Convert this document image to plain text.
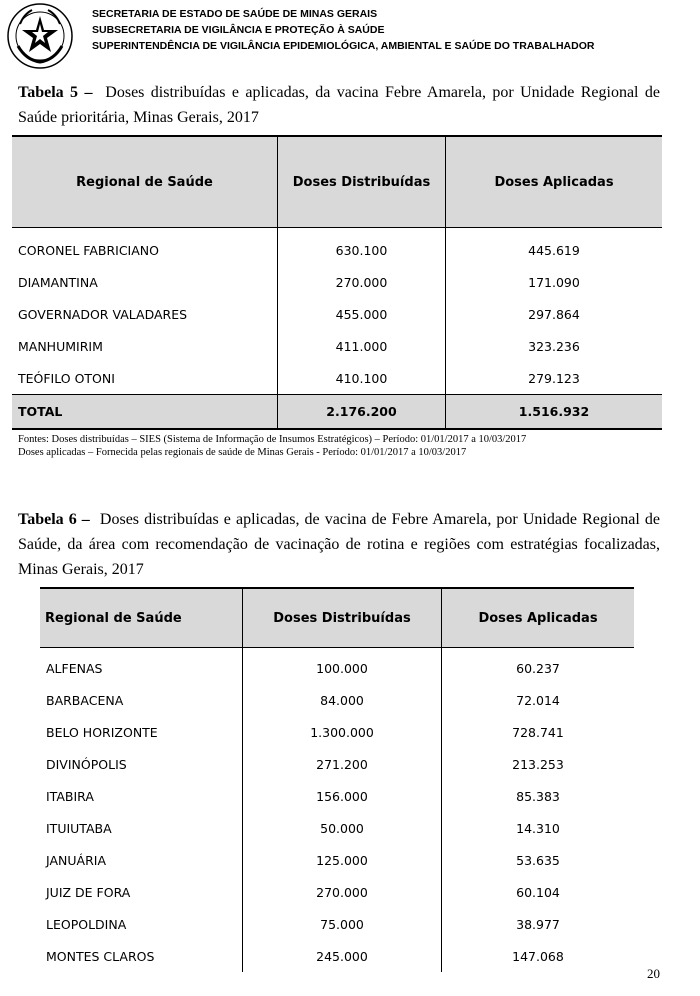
SECRETARIA DE ESTADO DE SAÚDE DE MINAS GERAIS
SUBSECRETARIA DE VIGILÂNCIA E PROTEÇÃO À SAÚDE
SUPERINTENDÊNCIA DE VIGILÂNCIA EPIDEMIOLÓGICA, AMBIENTAL E SAÚDE DO TRABALHADOR
Tabela 5 – Doses distribuídas e aplicadas, da vacina Febre Amarela, por Unidade Regional de Saúde prioritária, Minas Gerais, 2017
Regional de Saúde	Doses Distribuídas	Doses Aplicadas
CORONEL FABRICIANO	630.100	445.619
DIAMANTINA	270.000	171.090
GOVERNADOR VALADARES	455.000	297.864
MANHUMIRIM	411.000	323.236
TEÓFILO OTONI	410.100	279.123
TOTAL	2.176.200	1.516.932
Fontes: Doses distribuídas – SIES (Sistema de Informação de Insumos Estratégicos) – Período: 01/01/2017 a 10/03/2017
Doses aplicadas – Fornecida pelas regionais de saúde de Minas Gerais - Período: 01/01/2017 a 10/03/2017
Tabela 6 – Doses distribuídas e aplicadas, de vacina de Febre Amarela, por Unidade Regional de Saúde, da área com recomendação de vacinação de rotina e regiões com estratégias focalizadas, Minas Gerais, 2017
Regional de Saúde	Doses Distribuídas	Doses Aplicadas
ALFENAS	100.000	60.237
BARBACENA	84.000	72.014
BELO HORIZONTE	1.300.000	728.741
DIVINÓPOLIS	271.200	213.253
ITABIRA	156.000	85.383
ITUIUTABA	50.000	14.310
JANUÁRIA	125.000	53.635
JUIZ DE FORA	270.000	60.104
LEOPOLDINA	75.000	38.977
MONTES CLAROS	245.000	147.068
20
